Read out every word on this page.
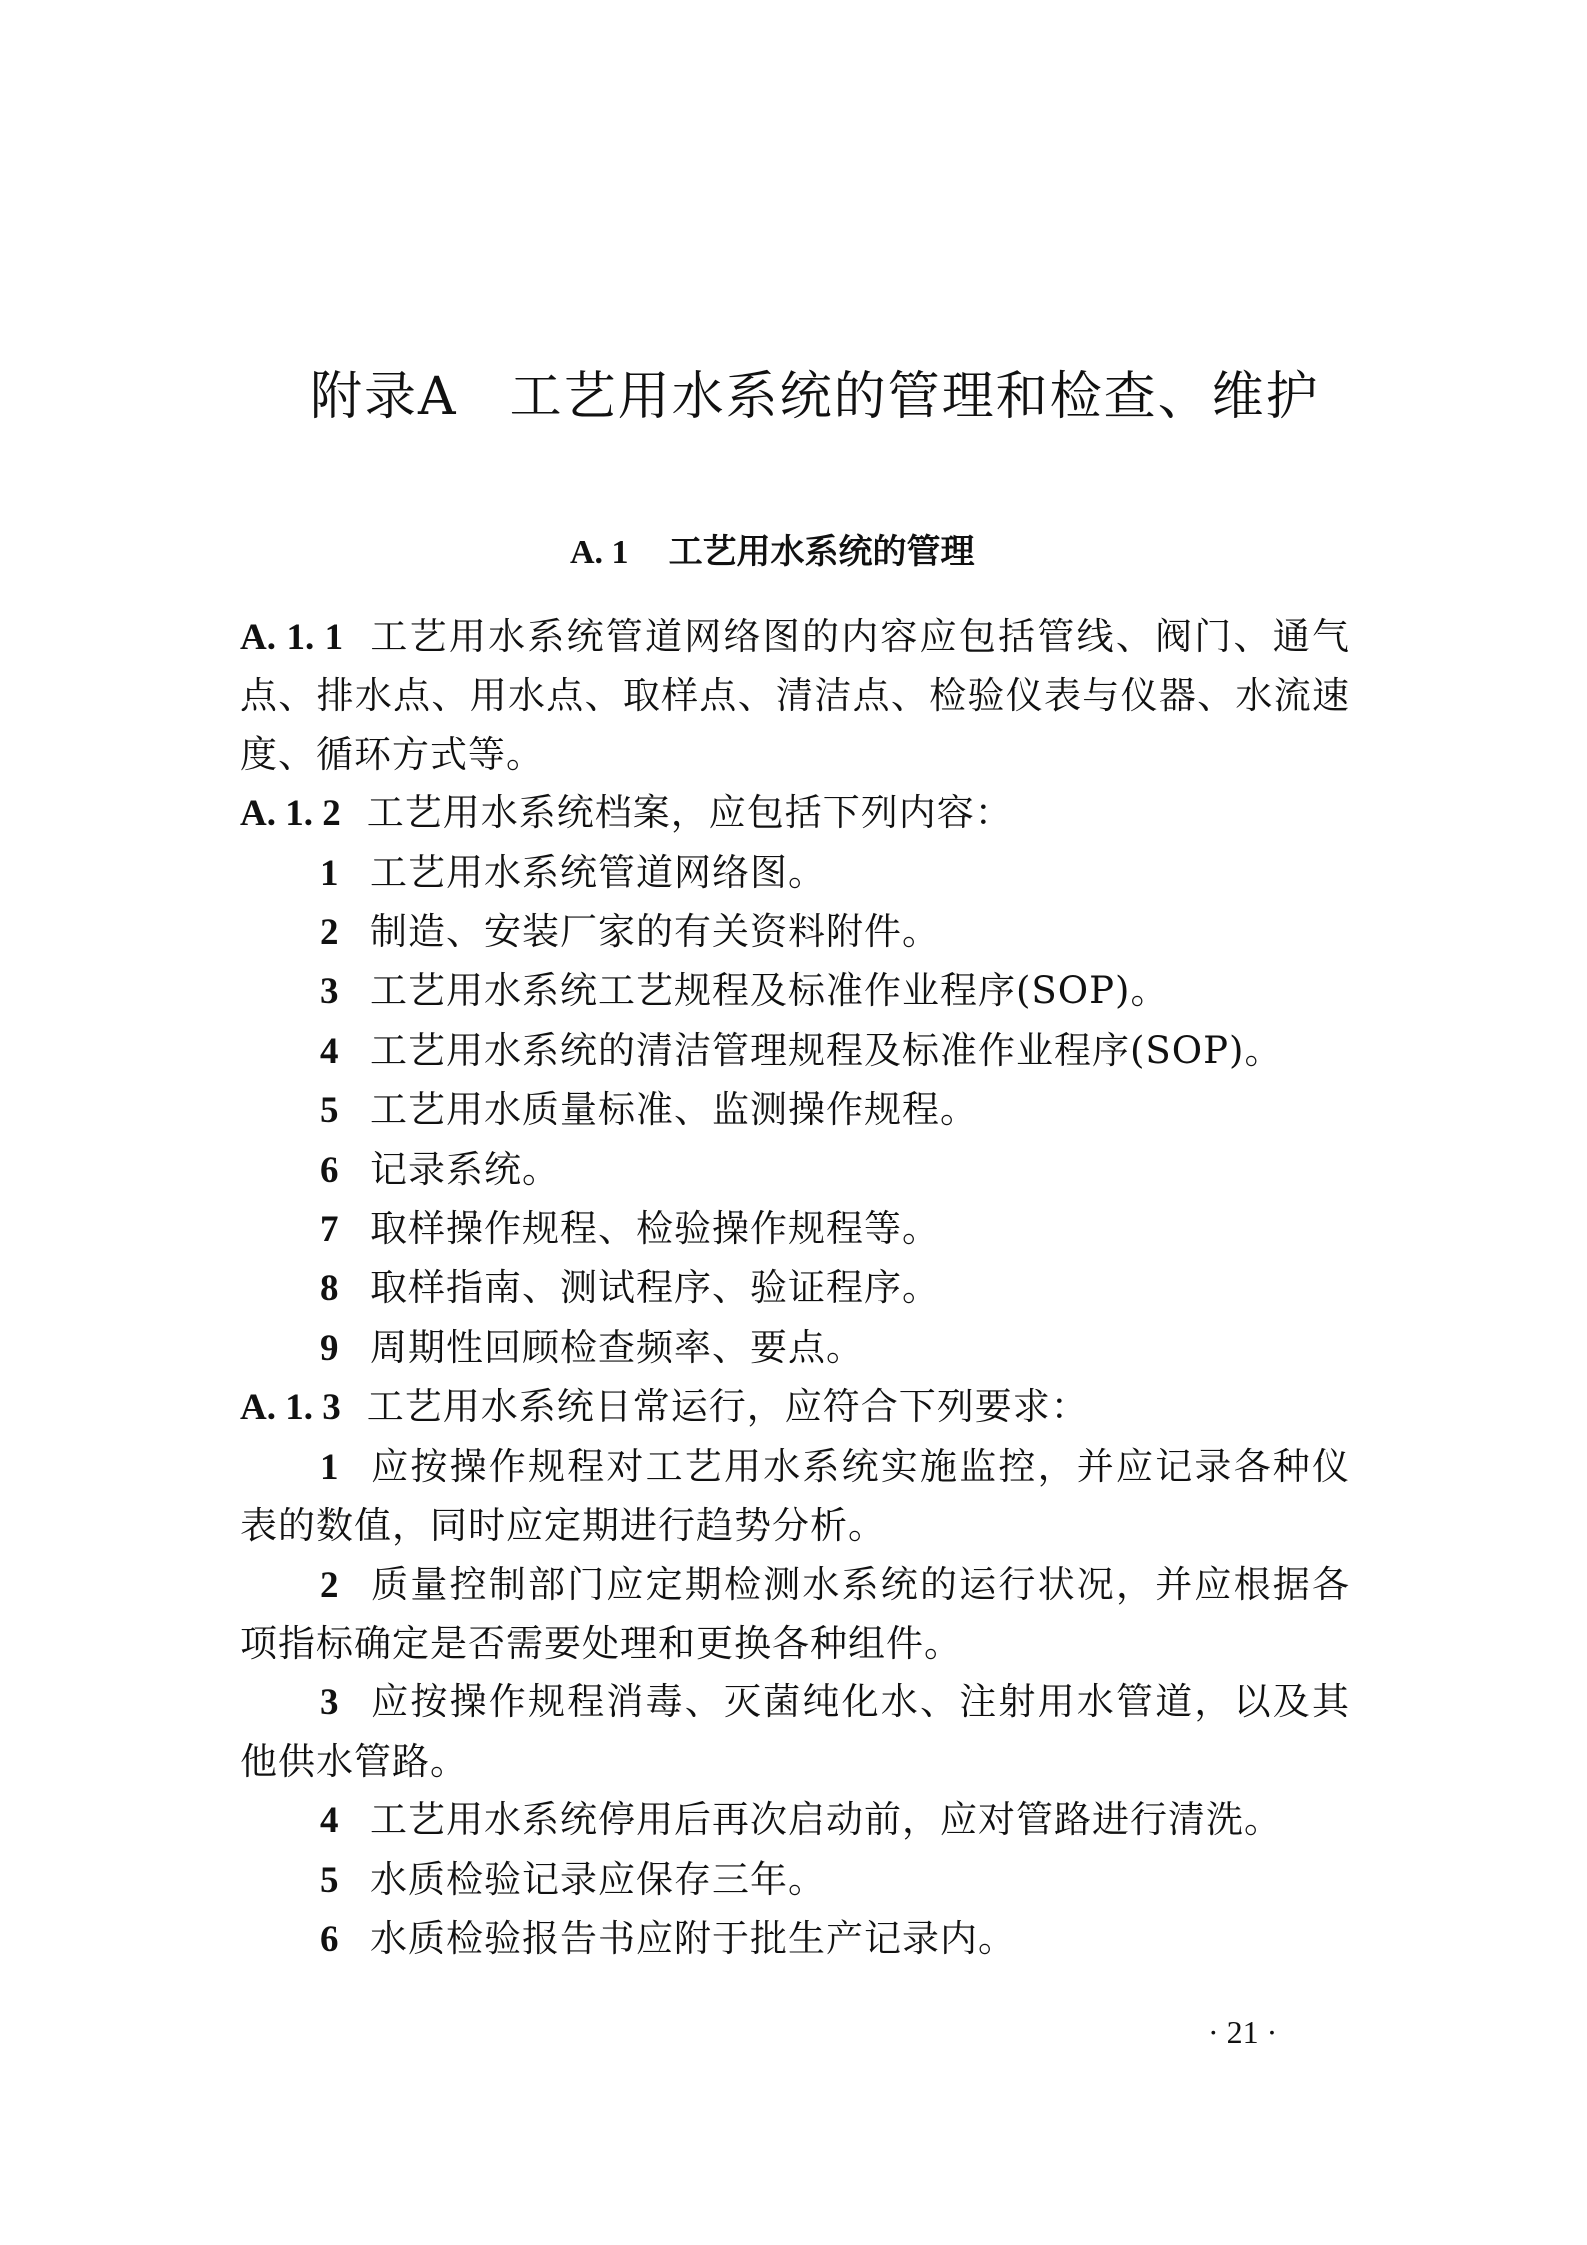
附录A 工艺用水系统的管理和检查、维护
A. 1 工艺用水系统的管理

A. 1. 1 工艺用水系统管道网络图的内容应包括管线、阀门、通气点、排水点、用水点、取样点、清洁点、检验仪表与仪器、水流速度、循环方式等。

A. 1. 2 工艺用水系统档案，应包括下列内容：

1 工艺用水系统管道网络图。

2 制造、安装厂家的有关资料附件。

3 工艺用水系统工艺规程及标准作业程序(SOP)。

4 工艺用水系统的清洁管理规程及标准作业程序(SOP)。

5 工艺用水质量标准、监测操作规程。

6 记录系统。

7 取样操作规程、检验操作规程等。

8 取样指南、测试程序、验证程序。

9 周期性回顾检查频率、要点。

A. 1. 3 工艺用水系统日常运行，应符合下列要求：

1 应按操作规程对工艺用水系统实施监控，并应记录各种仪表的数值，同时应定期进行趋势分析。

2 质量控制部门应定期检测水系统的运行状况，并应根据各项指标确定是否需要处理和更换各种组件。

3 应按操作规程消毒、灭菌纯化水、注射用水管道，以及其他供水管路。

4 工艺用水系统停用后再次启动前，应对管路进行清洗。

5 水质检验记录应保存三年。

6 水质检验报告书应附于批生产记录内。

· 21 ·
